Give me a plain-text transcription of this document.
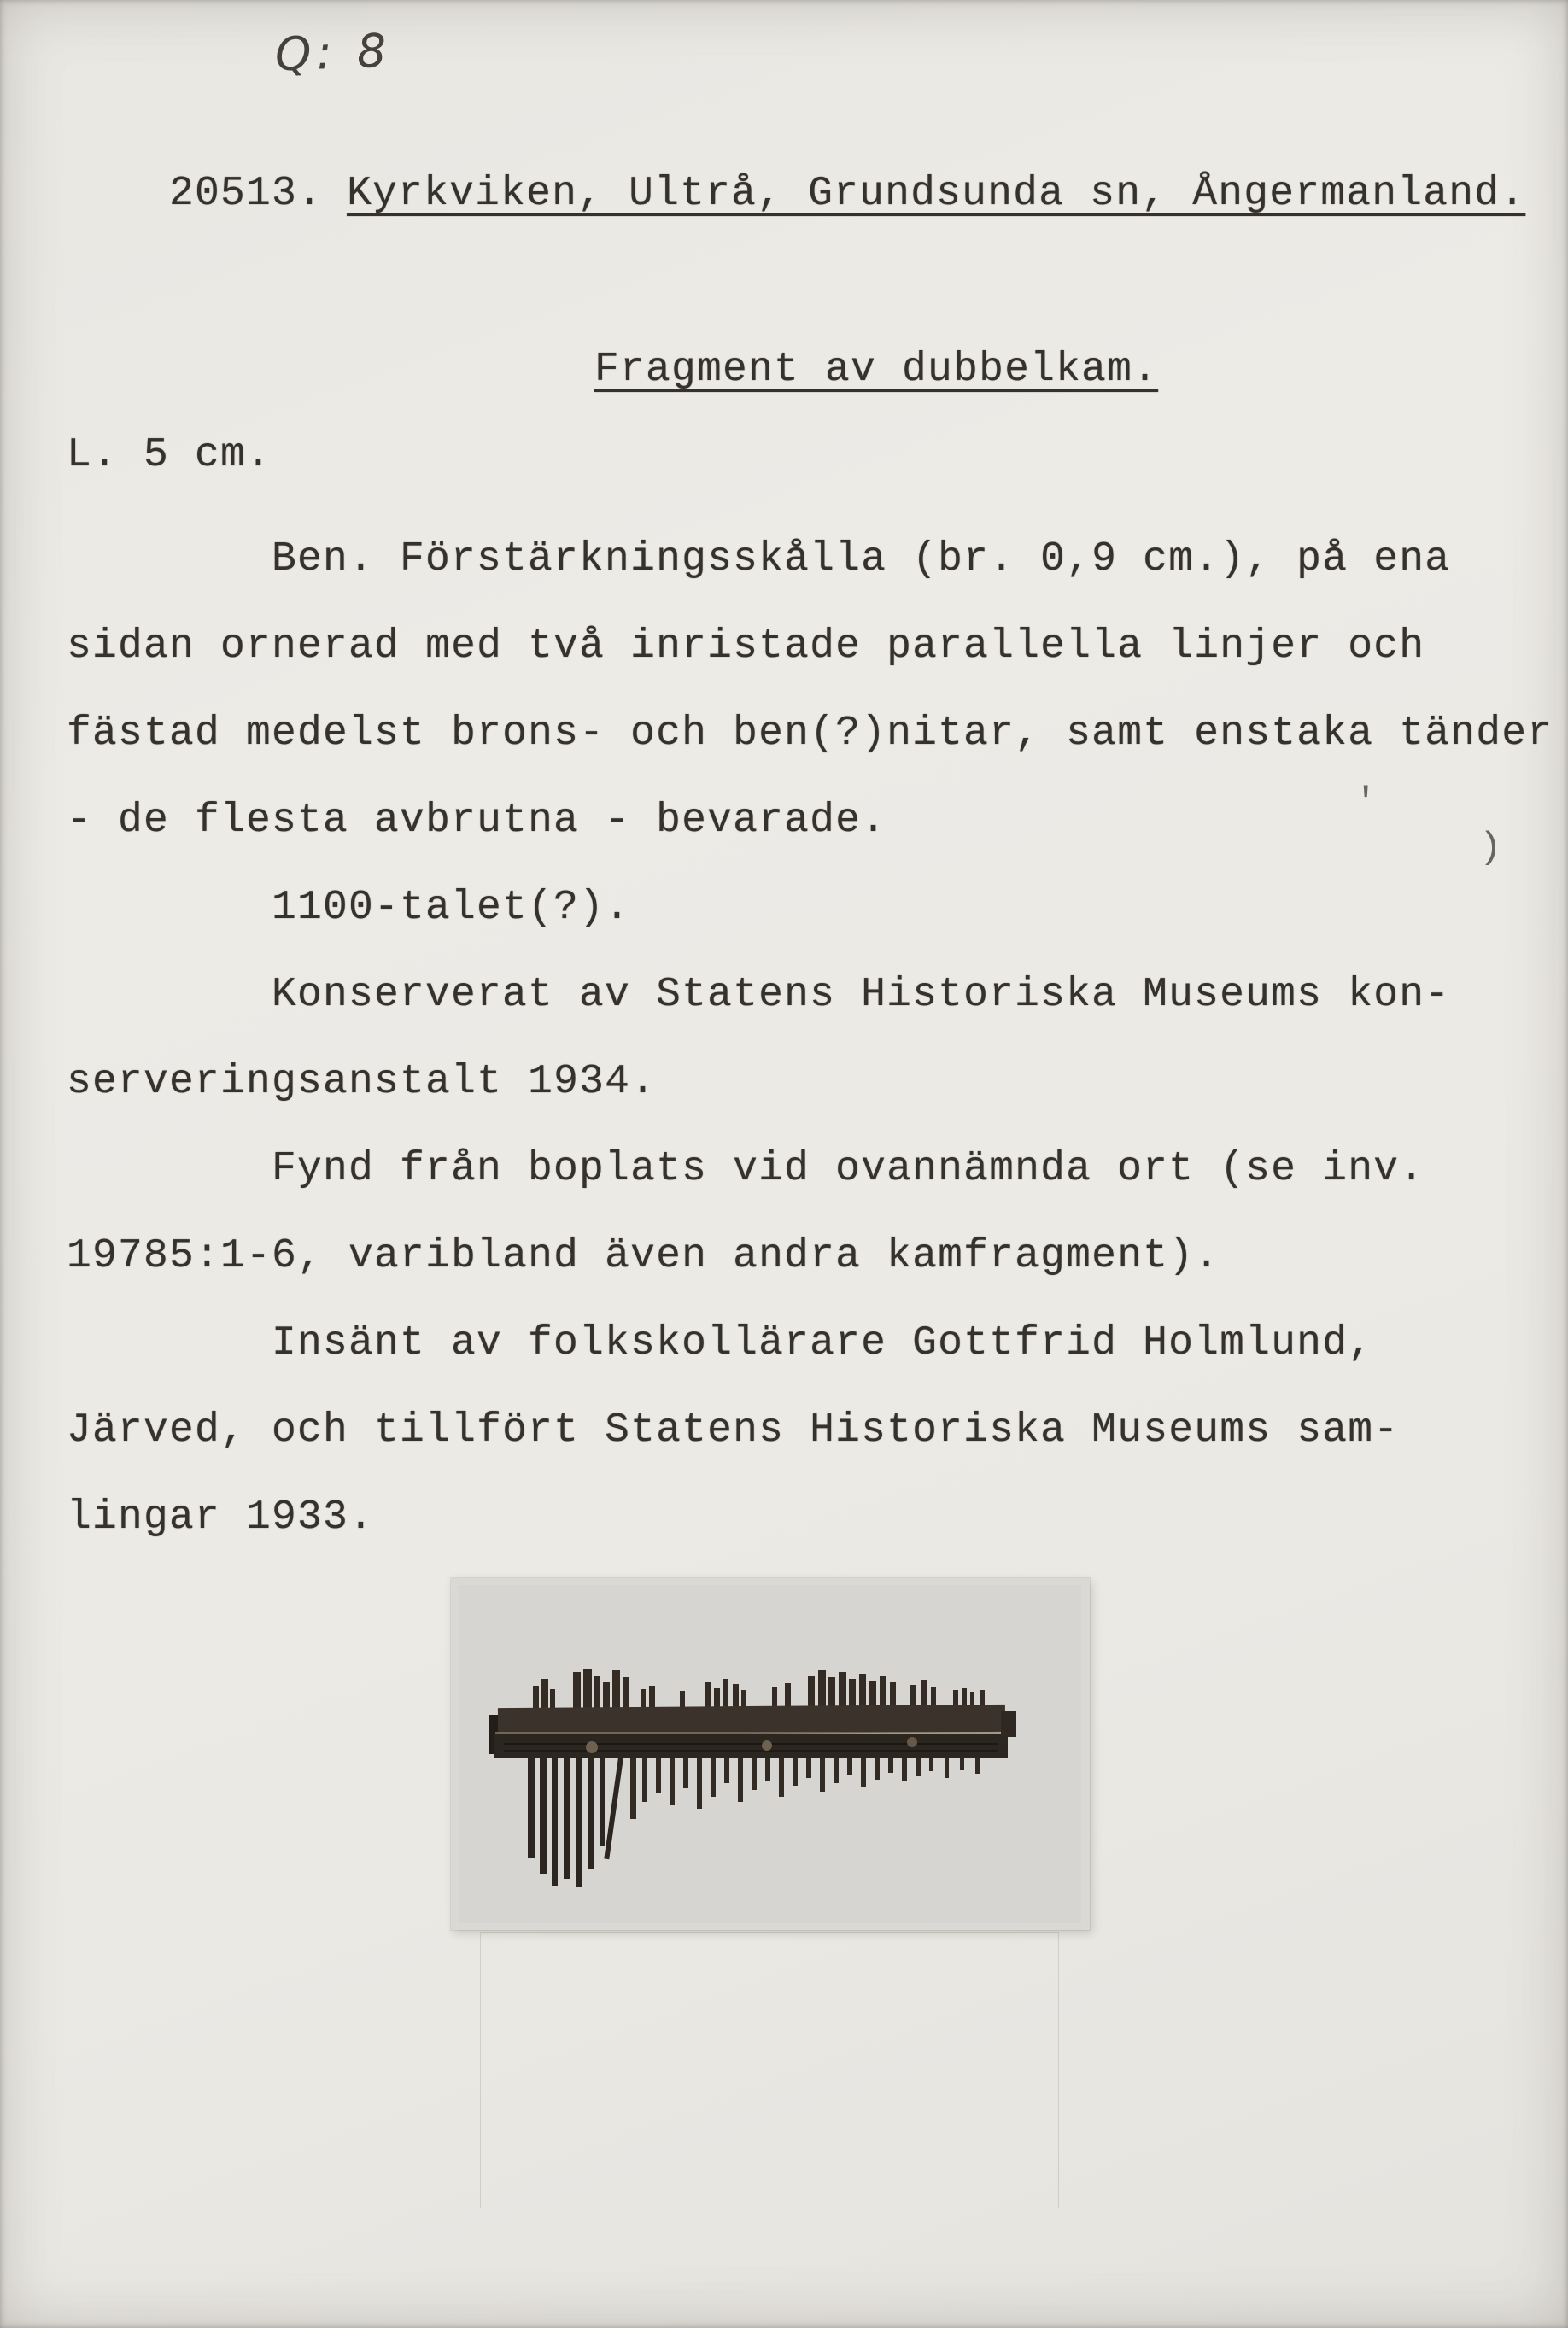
Q: 8

20513. Kyrkviken, Ultrå, Grundsunda sn, Ångermanland.

Fragment av dubbelkam.
L. 5 cm.
Ben. Förstärkningsskålla (br. 0,9 cm.), på ena
sidan ornerad med två inristade parallella linjer och
fästad medelst brons- och ben(?)nitar, samt enstaka tänder
- de flesta avbrutna - bevarade.
1100-talet(?).
Konserverat av Statens Historiska Museums kon-
serveringsanstalt 1934.
Fynd från boplats vid ovannämnda ort (se inv.
19785:1-6, varibland även andra kamfragment).
Insänt av folkskollärare Gottfrid Holmlund,
Järved, och tillfört Statens Historiska Museums sam-
lingar 1933.
'
)
